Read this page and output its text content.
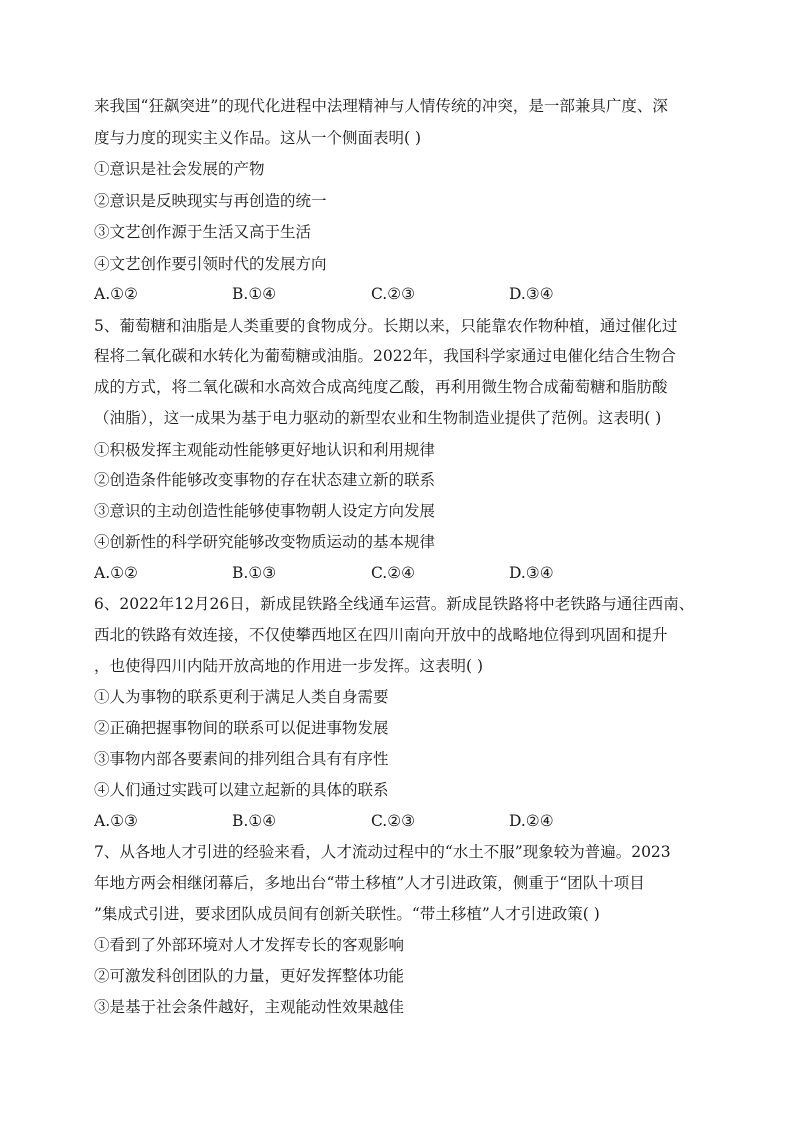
来我国“狂飙突进”的现代化进程中法理精神与人情传统的冲突，是一部兼具广度、深
度与力度的现实主义作品。这从一个侧面表明( )
①意识是社会发展的产物
②意识是反映现实与再创造的统一
③文艺创作源于生活又高于生活
④文艺创作要引领时代的发展方向
A.①②	B.①④	C.②③	D.③④
5、葡萄糖和油脂是人类重要的食物成分。长期以来，只能靠农作物种植，通过催化过
程将二氧化碳和水转化为葡萄糖或油脂。2022年，我国科学家通过电催化结合生物合
成的方式，将二氧化碳和水高效合成高纯度乙酸，再利用微生物合成葡萄糖和脂肪酸
（油脂），这一成果为基于电力驱动的新型农业和生物制造业提供了范例。这表明( )
①积极发挥主观能动性能够更好地认识和利用规律
②创造条件能够改变事物的存在状态建立新的联系
③意识的主动创造性能够使事物朝人设定方向发展
④创新性的科学研究能够改变物质运动的基本规律
A.①②	B.①③	C.②④	D.③④
6、2022年12月26日，新成昆铁路全线通车运营。新成昆铁路将中老铁路与通往西南、
西北的铁路有效连接，不仅使攀西地区在四川南向开放中的战略地位得到巩固和提升
，也使得四川内陆开放高地的作用进一步发挥。这表明( )
①人为事物的联系更利于满足人类自身需要
②正确把握事物间的联系可以促进事物发展
③事物内部各要素间的排列组合具有有序性
④人们通过实践可以建立起新的具体的联系
A.①③	B.①④	C.②③	D.②④
7、从各地人才引进的经验来看，人才流动过程中的“水土不服”现象较为普遍。2023
年地方两会相继闭幕后，多地出台“带土移植”人才引进政策，侧重于“团队十项目
”集成式引进，要求团队成员间有创新关联性。“带土移植”人才引进政策( )
①看到了外部环境对人才发挥专长的客观影响
②可激发科创团队的力量，更好发挥整体功能
③是基于社会条件越好，主观能动性效果越佳
